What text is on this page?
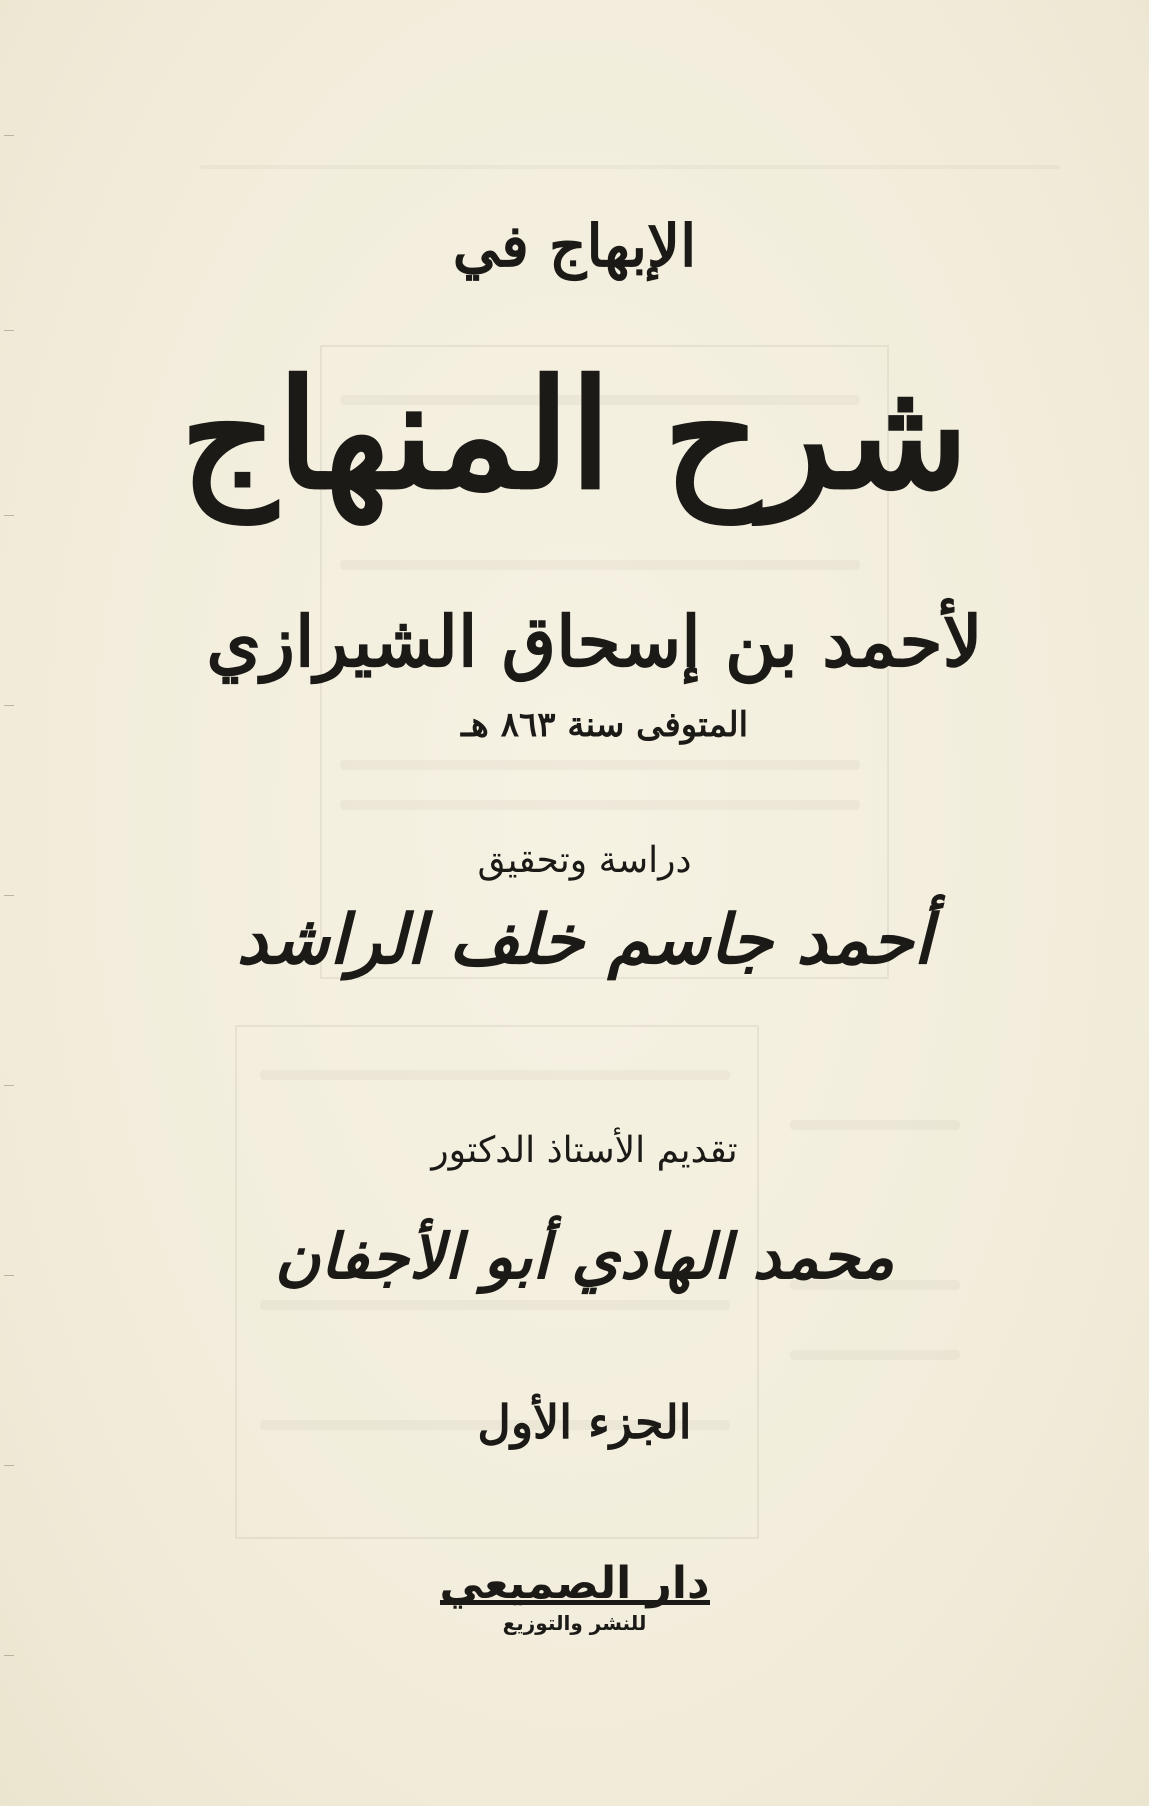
الإبهاج في
شرح المنهاج
لأحمد بن إسحاق الشيرازي
المتوفى سنة ٨٦٣ هـ
دراسة وتحقيق
أحمد جاسم خلف الراشد
تقديم الأستاذ الدكتور
محمد الهادي أبو الأجفان
الجزء الأول
دار الصميعي
للنشر والتوزيع
